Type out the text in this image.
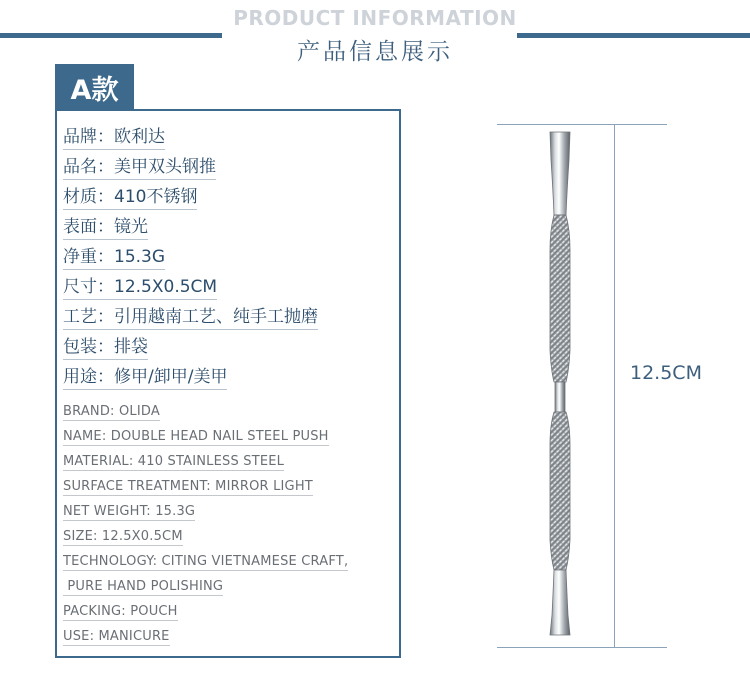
PRODUCT INFORMATION
产品信息展示
A款
品牌：欧利达
品名：美甲双头钢推
材质：410不锈钢
表面：镜光
净重：15.3G
尺寸：12.5X0.5CM
工艺：引用越南工艺、纯手工抛磨
包装：排袋
用途：修甲/卸甲/美甲
BRAND: OLIDA
NAME: DOUBLE HEAD NAIL STEEL PUSH
MATERIAL: 410 STAINLESS STEEL
SURFACE TREATMENT: MIRROR LIGHT
NET WEIGHT: 15.3G
SIZE: 12.5X0.5CM
TECHNOLOGY: CITING VIETNAMESE CRAFT,
PURE HAND POLISHING
PACKING: POUCH
USE: MANICURE
12.5CM
